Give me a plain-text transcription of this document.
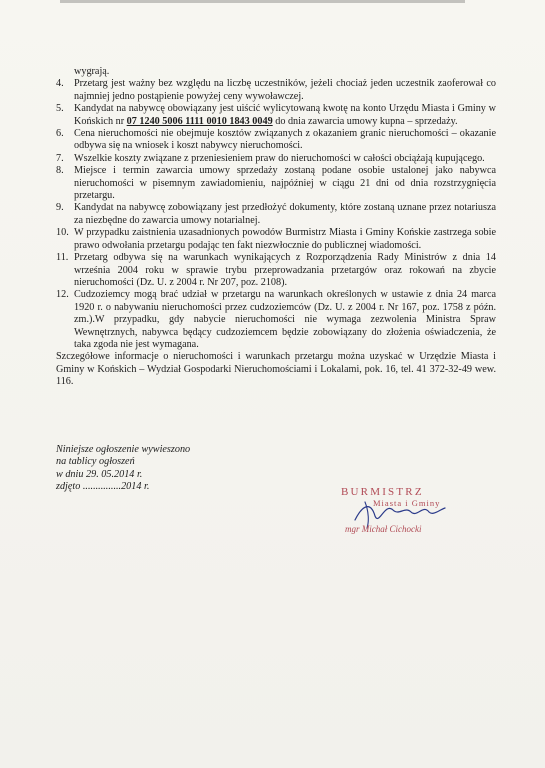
wygrają.
4. Przetarg jest ważny bez względu na liczbę uczestników, jeżeli chociaż jeden uczestnik zaoferował co najmniej jedno postąpienie powyżej ceny wywoławczej.
5. Kandydat na nabywcę obowiązany jest uiścić wylicytowaną kwotę na konto Urzędu Miasta i Gminy w Końskich nr 07 1240 5006 1111 0010 1843 0049 do dnia zawarcia umowy kupna – sprzedaży.
6. Cena nieruchomości nie obejmuje kosztów związanych z okazaniem granic nieruchomości – okazanie odbywa się na wniosek i koszt nabywcy nieruchomości.
7. Wszelkie koszty związane z przeniesieniem praw do nieruchomości w całości obciążają kupującego.
8. Miejsce i termin zawarcia umowy sprzedaży zostaną podane osobie ustalonej jako nabywca nieruchomości w pisemnym zawiadomieniu, najpóźniej w ciągu 21 dni od dnia rozstrzygnięcia przetargu.
9. Kandydat na nabywcę zobowiązany jest przedłożyć dokumenty, które zostaną uznane przez notariusza za niezbędne do zawarcia umowy notarialnej.
10. W przypadku zaistnienia uzasadnionych powodów Burmistrz Miasta i Gminy Końskie zastrzega sobie prawo odwołania przetargu podając ten fakt niezwłocznie do publicznej wiadomości.
11. Przetarg odbywa się na warunkach wynikających z Rozporządzenia Rady Ministrów z dnia 14 września 2004 roku w sprawie trybu przeprowadzania przetargów oraz rokowań na zbycie nieruchomości (Dz. U. z 2004 r. Nr 207, poz. 2108).
12. Cudzoziemcy mogą brać udział w przetargu na warunkach określonych w ustawie z dnia 24 marca 1920 r. o nabywaniu nieruchomości przez cudzoziemców (Dz. U. z 2004 r. Nr 167, poz. 1758 z późn. zm.).W przypadku, gdy nabycie nieruchomości nie wymaga zezwolenia Ministra Spraw Wewnętrznych, nabywca będący cudzoziemcem będzie zobowiązany do złożenia oświadczenia, że taka zgoda nie jest wymagana.
Szczegółowe informacje o nieruchomości i warunkach przetargu można uzyskać w Urzędzie Miasta i Gminy w Końskich – Wydział Gospodarki Nieruchomościami i Lokalami, pok. 16, tel. 41 372-32-49 wew. 116.
Niniejsze ogłoszenie wywieszono
na tablicy ogłoszeń
w dniu 29. 05.2014 r.
zdjęto ...............2014 r.	BURMISTRZ
Miasta i Gminy
mgr Michał Cichocki
